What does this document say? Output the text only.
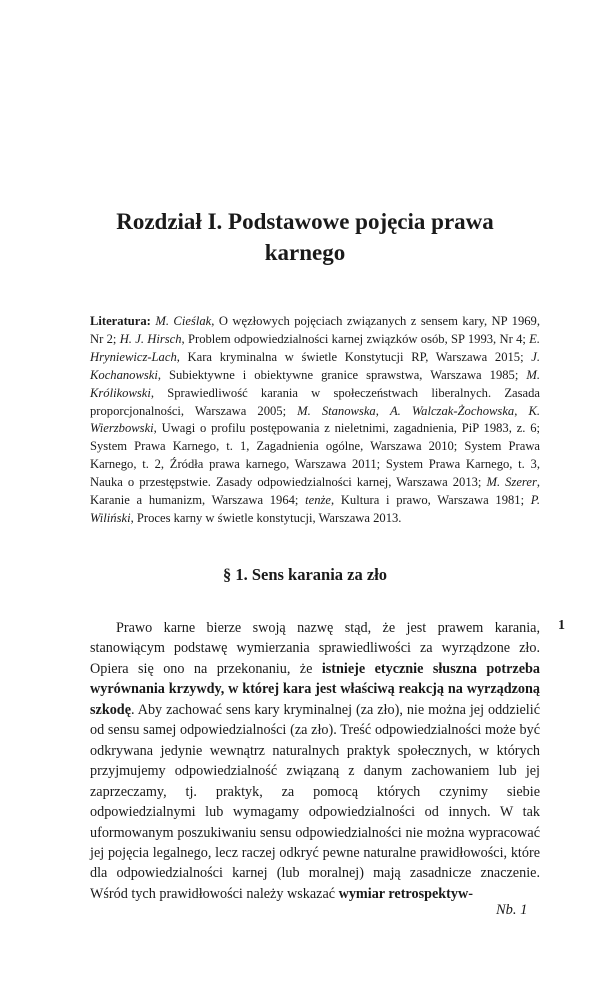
Rozdział I. Podstawowe pojęcia prawa
karnego
Literatura: M. Cieślak, O węzłowych pojęciach związanych z sensem kary, NP 1969, Nr 2; H. J. Hirsch, Problem odpowiedzialności karnej związków osób, SP 1993, Nr 4; E. Hryniewicz-Lach, Kara kryminalna w świetle Konstytucji RP, Warszawa 2015; J. Kochanowski, Subiektywne i obiektywne granice sprawstwa, Warszawa 1985; M. Królikowski, Sprawiedliwość karania w społeczeństwach liberalnych. Zasada proporcjonalności, Warszawa 2005; M. Stanowska, A. Walczak-Żochowska, K. Wierzbowski, Uwagi o profilu postępowania z nieletnimi, zagadnienia, PiP 1983, z. 6; System Prawa Karnego, t. 1, Zagadnienia ogólne, Warszawa 2010; System Prawa Karnego, t. 2, Źródła prawa karnego, Warszawa 2011; System Prawa Karnego, t. 3, Nauka o przestępstwie. Zasady odpowiedzialności karnej, Warszawa 2013; M. Szerer, Karanie a humanizm, Warszawa 1964; tenże, Kultura i prawo, Warszawa 1981; P. Wiliński, Proces karny w świetle konstytucji, Warszawa 2013.
§ 1. Sens karania za zło
1

Prawo karne bierze swoją nazwę stąd, że jest prawem karania, stanowiącym podstawę wymierzania sprawiedliwości za wyrządzone zło. Opiera się ono na przekonaniu, że istnieje etycznie słuszna potrzeba wyrównania krzywdy, w której kara jest właściwą reakcją na wyrządzoną szkodę. Aby zachować sens kary kryminalnej (za zło), nie można jej oddzielić od sensu samej odpowiedzialności (za zło). Treść odpowiedzialności może być odkrywana jedynie wewnątrz naturalnych praktyk społecznych, w których przyjmujemy odpowiedzialność związaną z danym zachowaniem lub jej zaprzeczamy, tj. praktyk, za pomocą których czynimy siebie odpowiedzialnymi lub wymagamy odpowiedzialności od innych. W tak uformowanym poszukiwaniu sensu odpowiedzialności nie można wypracować jej pojęcia legalnego, lecz raczej odkryć pewne naturalne prawidłowości, które dla odpowiedzialności karnej (lub moralnej) mają zasadnicze znaczenie. Wśród tych prawidłowości należy wskazać wymiar retrospektyw-

Nb. 1
